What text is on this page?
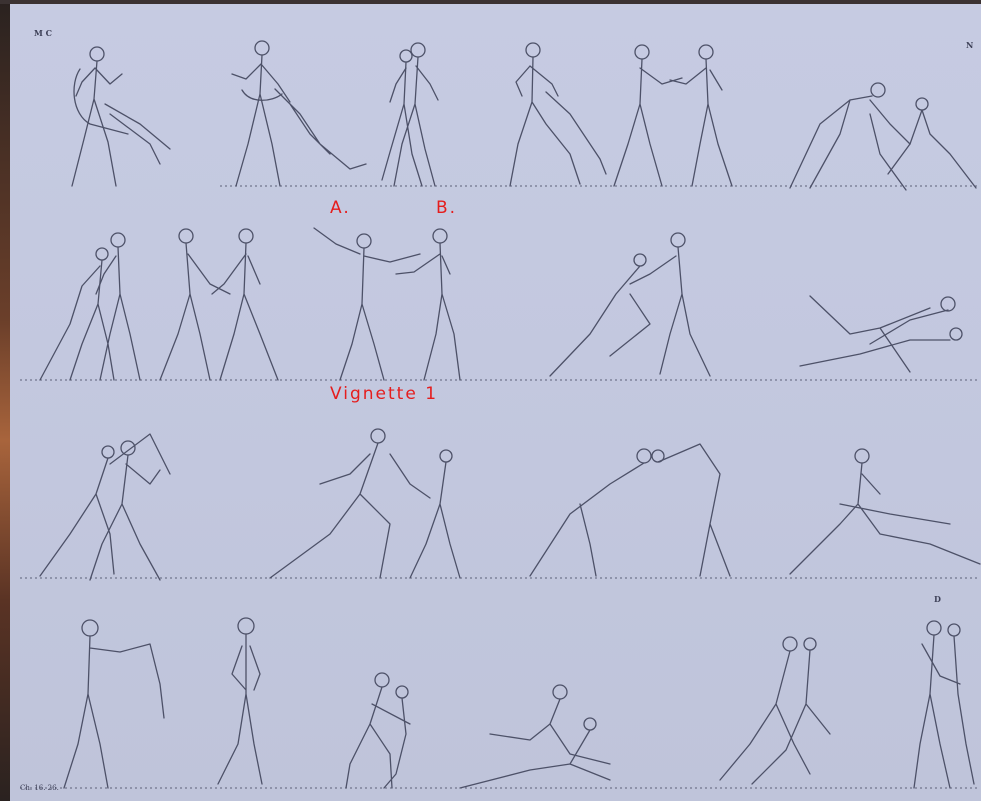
M C
N
D
Ch. 16. 26.
A.	B.
Vignette 1
